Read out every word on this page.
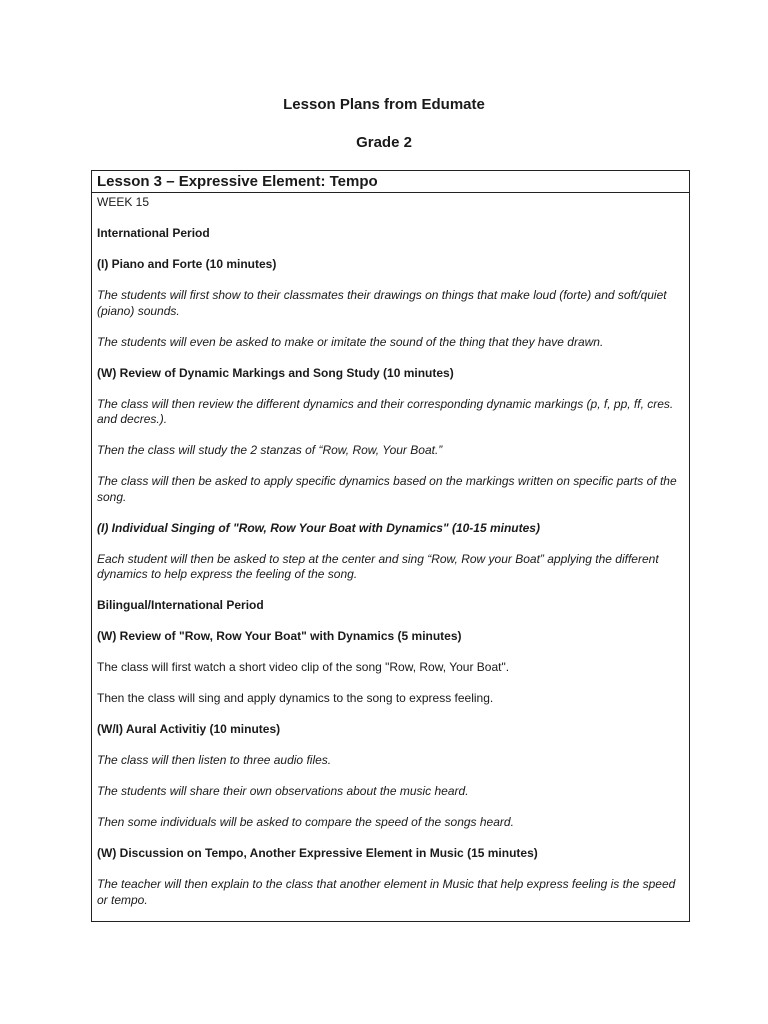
Lesson Plans from Edumate
Grade 2
Lesson 3 – Expressive Element: Tempo

WEEK 15

International Period

(I) Piano and Forte (10 minutes)

The students will first show to their classmates their drawings on things that make loud (forte) and soft/quiet (piano) sounds.

The students will even be asked to make or imitate the sound of the thing that they have drawn.

(W) Review of Dynamic Markings and Song Study (10 minutes)

The class will then review the different dynamics and their corresponding dynamic markings (p, f, pp, ff, cres. and decres.).

Then the class will study the 2 stanzas of “Row, Row, Your Boat.”

The class will then be asked to apply specific dynamics based on the markings written on specific parts of the song.

(I) Individual Singing of "Row, Row Your Boat with Dynamics" (10-15 minutes)

Each student will then be asked to step at the center and sing “Row, Row your Boat” applying the different dynamics to help express the feeling of the song.

Bilingual/International Period

(W) Review of "Row, Row Your Boat" with Dynamics (5 minutes)

The class will first watch a short video clip of the song "Row, Row, Your Boat".

Then the class will sing and apply dynamics to the song to express feeling.

(W/I) Aural Activitiy (10 minutes)

The class will then listen to three audio files.

The students will share their own observations about the music heard.

Then some individuals will be asked to compare the speed of the songs heard.

(W) Discussion on Tempo, Another Expressive Element in Music (15 minutes)

The teacher will then explain to the class that another element in Music that help express feeling is the speed or tempo.
